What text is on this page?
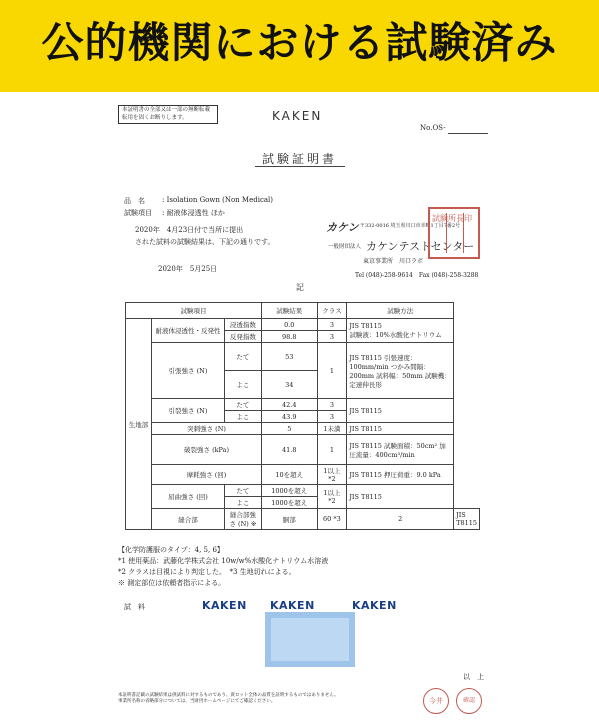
公的機関における試験済み
本証明書の全部又は一部の無断転載転用を固くお断りします。	KAKEN
No.OS-
試験証明書
品　名 : Isolation Gown (Non Medical)
試験項目 : 耐液体浸透性 ほか
2020年　4月23日付で当所に提出
された試料の試験結果は、下記の通りです。
2020年　5月25日
カケン 〒332-0016 埼玉県川口市幸町1丁目7番2号
一般財団法人 カケンテストセンター
東京事業所　川口ラボ
Tel (048)-258-9614　Fax (048)-258-3288
試験所長印
記
試験項目			試験結果	クラス	試験方法	
生地部	耐液体浸透性・反発性	浸透指数	0.0	3	JIS T8115
試験液：10%水酸化ナトリウム	

		反発指数	98.8	3		
	引張強さ (N)	たて	53	1	JIS T8115 引張速度：100mm/min つかみ間隔：200mm 試料幅：50mm 試験機：定速伸長形	
		よこ	34			
	引裂強さ (N)	たて	42.4	3	JIS T8115	
		よこ	43.9	3		
	突刺強さ (N)		5	1未満	JIS T8115	
	破裂強さ (kPa)		41.8	1	JIS T8115 試験面積：50cm² 加圧流量：400cm³/min	
	摩耗強さ (回)		10を超え	1以上 *2	JIS T8115 押圧荷重：9.0 kPa	
	屈曲強さ (回)	たて	1000を超え	1以上 *2	JIS T8115	
		よこ	1000を超え			
	縫合部	縫合部強さ (N) ※	胴部	60 *3	2	JIS T8115
【化学防護服のタイプ：4, 5, 6】
*1 使用薬品：武藤化学株式会社 10w/w%水酸化ナトリウム水溶液
*2 クラスは目視により判定した。　*3 生地切れによる。
※ 測定部位は依頼者指示による。
試　料	KAKEN KAKEN	KAKEN
以　上
本証明書記載の試験結果は供試料に対するものであり、貴ロット全体の品質を証明するものではありません。
事業所名称の省略部分については、当財団ホームページにてご確認ください。	今井	確認
